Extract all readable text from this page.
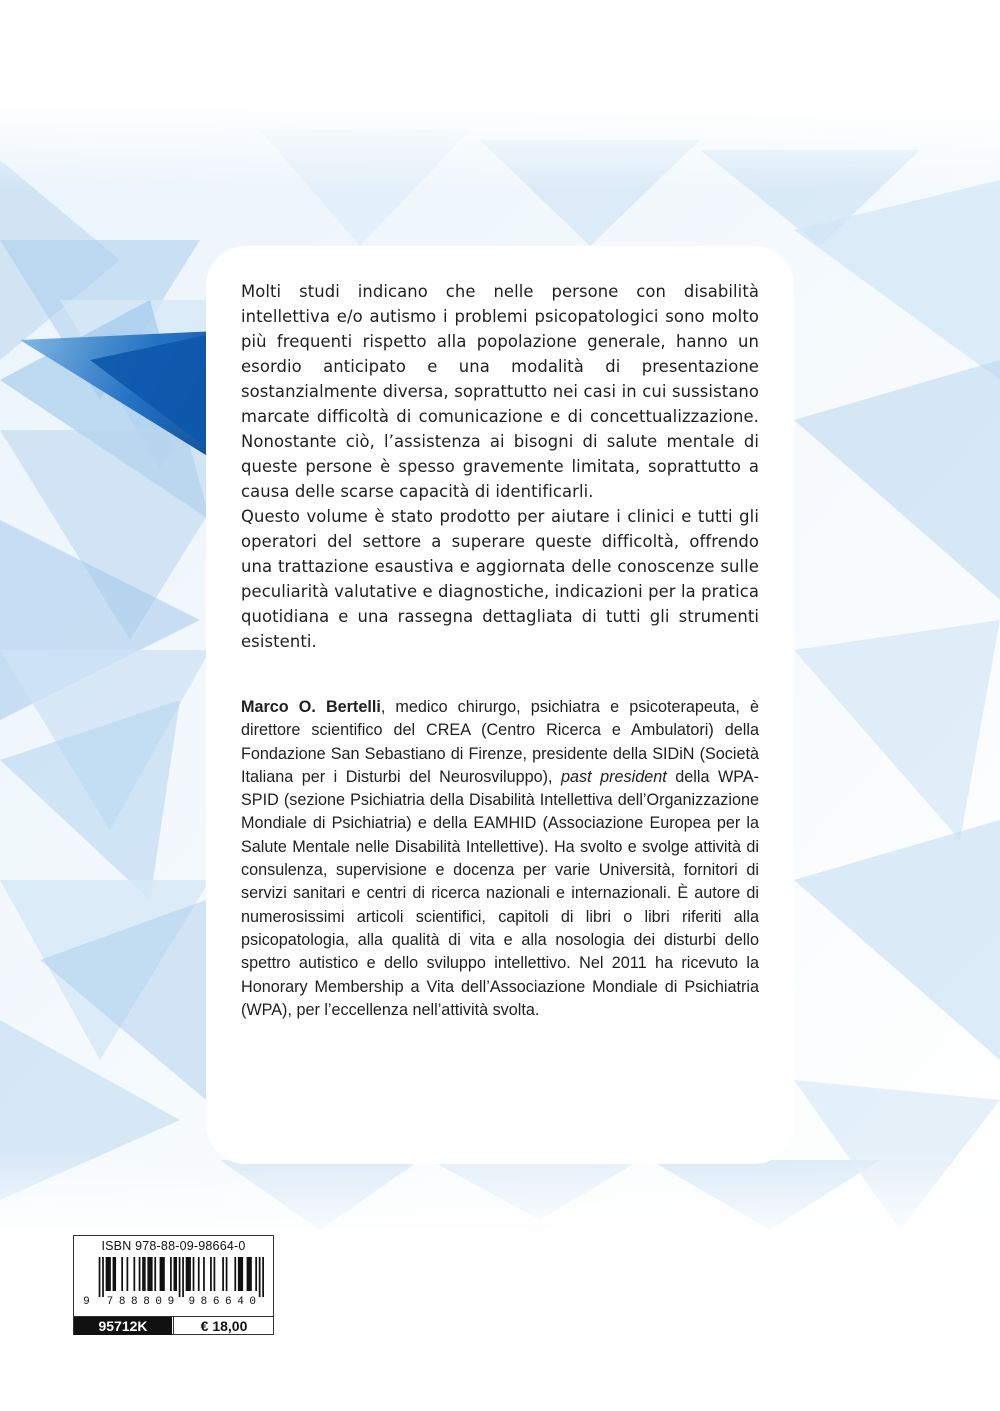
Molti studi indicano che nelle persone con disabilità intellettiva e/o autismo i problemi psicopatologici sono molto più frequenti rispetto alla popolazione generale, hanno un esordio anticipato e una modalità di presentazione sostanzialmente diversa, soprattutto nei casi in cui sussistano marcate difficoltà di comunicazione e di concettualizzazione. Nonostante ciò, l’assistenza ai bisogni di salute mentale di queste persone è spesso gravemente limitata, soprattutto a causa delle scarse capacità di identificarli.

Questo volume è stato prodotto per aiutare i clinici e tutti gli operatori del settore a superare queste difficoltà, offrendo una trattazione esaustiva e aggiornata delle conoscenze sulle peculiarità valutative e diagnostiche, indicazioni per la pratica quotidiana e una rassegna dettagliata di tutti gli strumenti esistenti.

Marco O. Bertelli, medico chirurgo, psichiatra e psicoterapeuta, è direttore scientifico del CREA (Centro Ricerca e Ambulatori) della Fondazione San Sebastiano di Firenze, presidente della SIDiN (Società Italiana per i Disturbi del Neurosviluppo), past president della WPA-SPID (sezione Psichiatria della Disabilità Intellettiva dell’Organizzazione Mondiale di Psichiatria) e della EAMHID (Associazione Europea per la Salute Mentale nelle Disabilità Intellettive). Ha svolto e svolge attività di consulenza, supervisione e docenza per varie Università, fornitori di servizi sanitari e centri di ricerca nazionali e internazionali. È autore di numerosissimi articoli scientifici, capitoli di libri o libri riferiti alla psicopatologia, alla qualità di vita e alla nosologia dei disturbi dello spettro autistico e dello sviluppo intellettivo. Nel 2011 ha ricevuto la Honorary Membership a Vita dell’Associazione Mondiale di Psichiatria (WPA), per l’eccellenza nell’attività svolta.

ISBN 978-88-09-98664-0
9 7 8 8 8 0 9 9 8 6 6 4 0
95712K	€ 18,00
